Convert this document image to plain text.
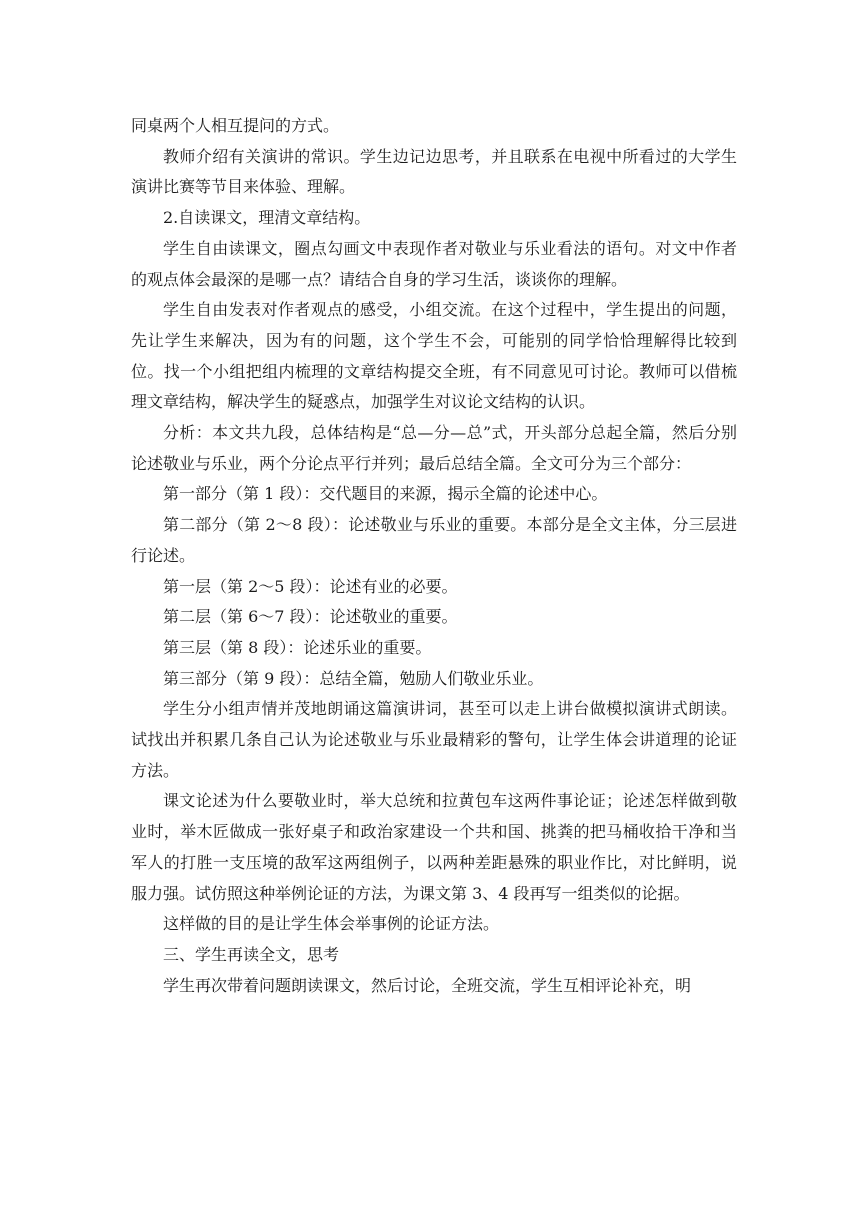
同桌两个人相互提问的方式。

教师介绍有关演讲的常识。学生边记边思考，并且联系在电视中所看过的大学生演讲比赛等节目来体验、理解。

2.自读课文，理清文章结构。

学生自由读课文，圈点勾画文中表现作者对敬业与乐业看法的语句。对文中作者的观点体会最深的是哪一点？请结合自身的学习生活，谈谈你的理解。

学生自由发表对作者观点的感受，小组交流。在这个过程中，学生提出的问题，先让学生来解决，因为有的问题，这个学生不会，可能别的同学恰恰理解得比较到位。找一个小组把组内梳理的文章结构提交全班，有不同意见可讨论。教师可以借梳理文章结构，解决学生的疑惑点，加强学生对议论文结构的认识。

分析：本文共九段，总体结构是“总—分—总”式，开头部分总起全篇，然后分别论述敬业与乐业，两个分论点平行并列；最后总结全篇。全文可分为三个部分：

第一部分（第 1 段）：交代题目的来源，揭示全篇的论述中心。

第二部分（第 2～8 段）：论述敬业与乐业的重要。本部分是全文主体，分三层进行论述。

第一层（第 2～5 段）：论述有业的必要。

第二层（第 6～7 段）：论述敬业的重要。

第三层（第 8 段）：论述乐业的重要。

第三部分（第 9 段）：总结全篇，勉励人们敬业乐业。

学生分小组声情并茂地朗诵这篇演讲词，甚至可以走上讲台做模拟演讲式朗读。试找出并积累几条自己认为论述敬业与乐业最精彩的警句，让学生体会讲道理的论证方法。

课文论述为什么要敬业时，举大总统和拉黄包车这两件事论证；论述怎样做到敬业时，举木匠做成一张好桌子和政治家建设一个共和国、挑粪的把马桶收拾干净和当军人的打胜一支压境的敌军这两组例子，以两种差距悬殊的职业作比，对比鲜明，说服力强。试仿照这种举例论证的方法，为课文第 3、4 段再写一组类似的论据。

这样做的目的是让学生体会举事例的论证方法。

三、学生再读全文，思考

学生再次带着问题朗读课文，然后讨论，全班交流，学生互相评论补充，明
